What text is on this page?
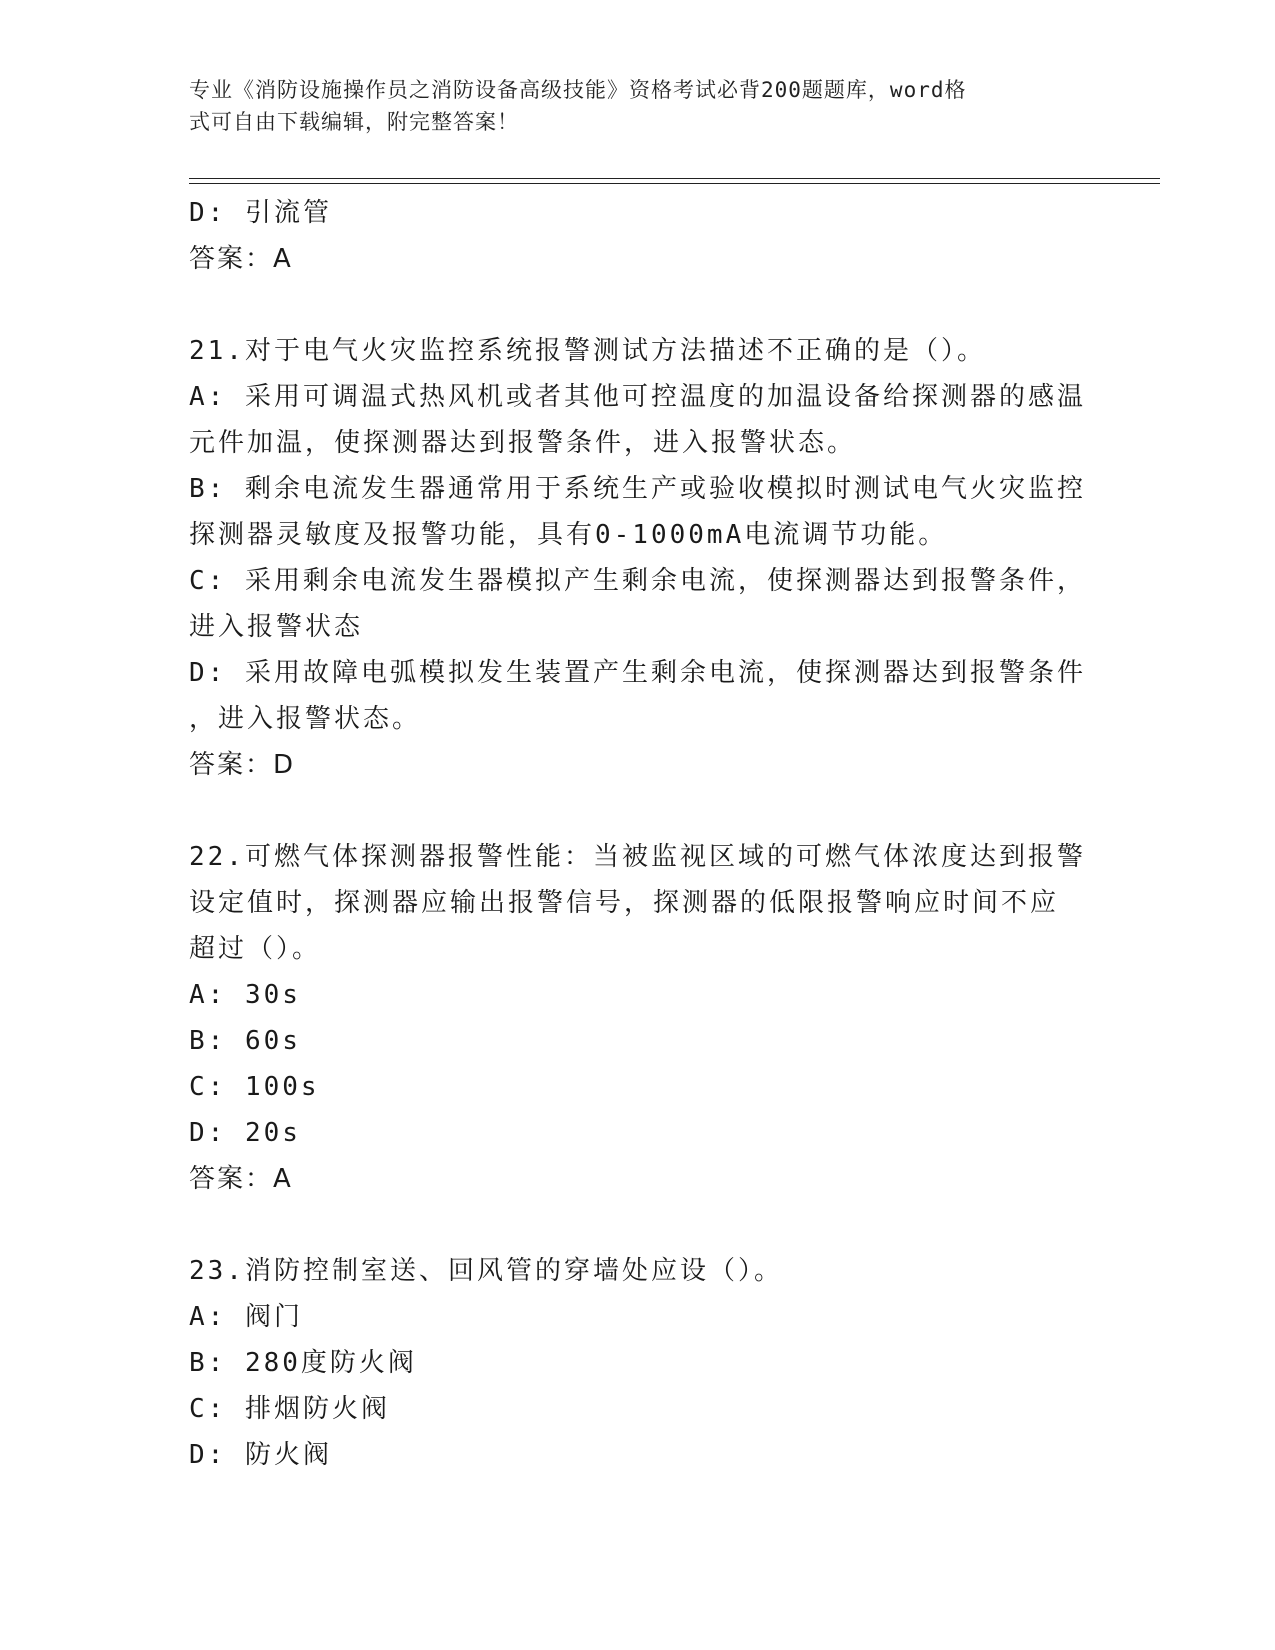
专业《消防设施操作员之消防设备高级技能》资格考试必背200题题库，word格
式可自由下载编辑，附完整答案！

D: 引流管

答案：A

21.对于电气火灾监控系统报警测试方法描述不正确的是（）。

A: 采用可调温式热风机或者其他可控温度的加温设备给探测器的感温

元件加温，使探测器达到报警条件，进入报警状态。

B: 剩余电流发生器通常用于系统生产或验收模拟时测试电气火灾监控

探测器灵敏度及报警功能，具有0-1000mA电流调节功能。

C: 采用剩余电流发生器模拟产生剩余电流，使探测器达到报警条件，

进入报警状态

D: 采用故障电弧模拟发生装置产生剩余电流，使探测器达到报警条件

，进入报警状态。

答案：D

22.可燃气体探测器报警性能：当被监视区域的可燃气体浓度达到报警

设定值时，探测器应输出报警信号，探测器的低限报警响应时间不应

超过（）。

A: 30s

B: 60s

C: 100s

D: 20s

答案：A

23.消防控制室送、回风管的穿墙处应设（）。

A: 阀门

B: 280度防火阀

C: 排烟防火阀

D: 防火阀
